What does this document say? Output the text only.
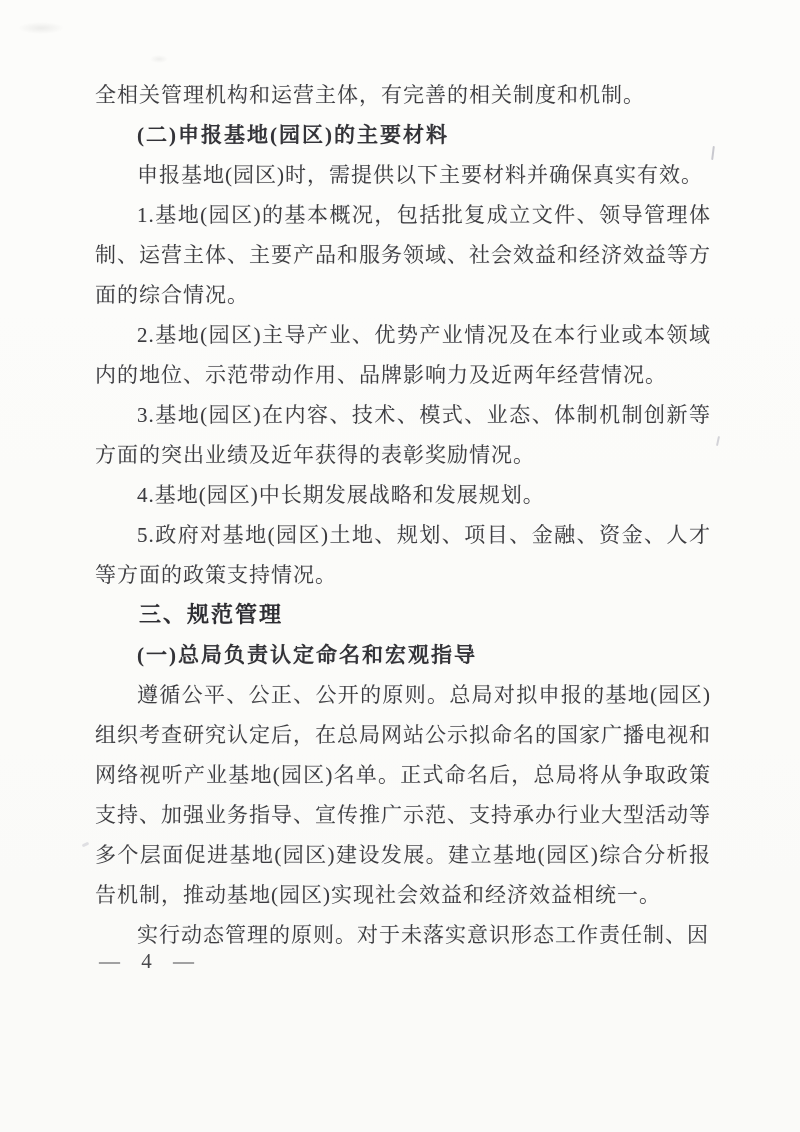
全相关管理机构和运营主体，有完善的相关制度和机制。

(二)申报基地(园区)的主要材料

申报基地(园区)时，需提供以下主要材料并确保真实有效。

1.基地(园区)的基本概况，包括批复成立文件、领导管理体制、运营主体、主要产品和服务领域、社会效益和经济效益等方面的综合情况。

2.基地(园区)主导产业、优势产业情况及在本行业或本领域内的地位、示范带动作用、品牌影响力及近两年经营情况。

3.基地(园区)在内容、技术、模式、业态、体制机制创新等方面的突出业绩及近年获得的表彰奖励情况。

4.基地(园区)中长期发展战略和发展规划。

5.政府对基地(园区)土地、规划、项目、金融、资金、人才等方面的政策支持情况。

三、规范管理

(一)总局负责认定命名和宏观指导

遵循公平、公正、公开的原则。总局对拟申报的基地(园区)组织考查研究认定后，在总局网站公示拟命名的国家广播电视和网络视听产业基地(园区)名单。正式命名后，总局将从争取政策支持、加强业务指导、宣传推广示范、支持承办行业大型活动等多个层面促进基地(园区)建设发展。建立基地(园区)综合分析报告机制，推动基地(园区)实现社会效益和经济效益相统一。

实行动态管理的原则。对于未落实意识形态工作责任制、因

— 4 —
